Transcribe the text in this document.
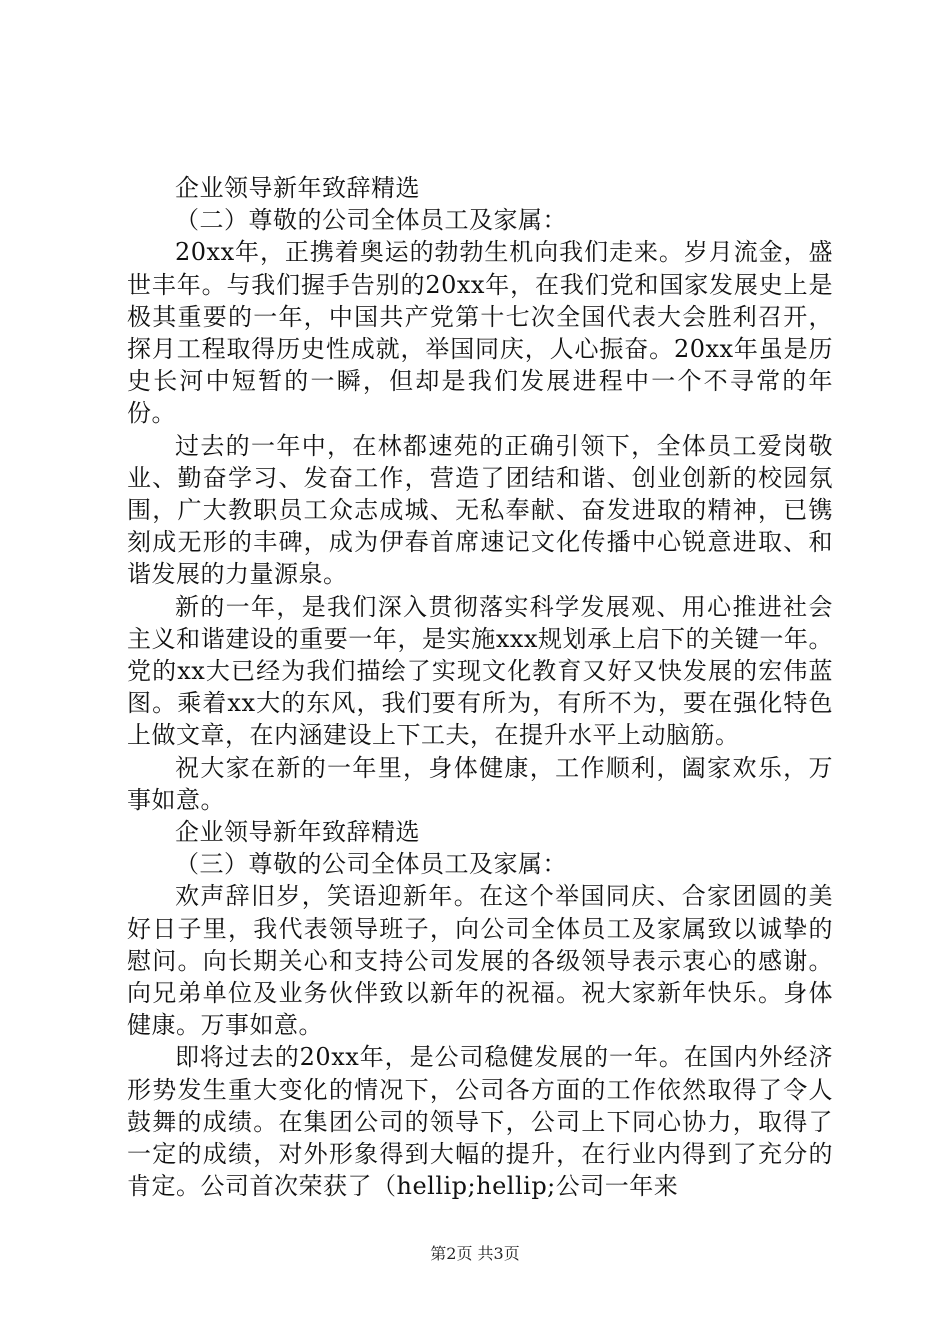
企业领导新年致辞精选

（二）尊敬的公司全体员工及家属：

20xx年，正携着奥运的勃勃生机向我们走来。岁月流金，盛世丰年。与我们握手告别的20xx年，在我们党和国家发展史上是极其重要的一年，中国共产党第十七次全国代表大会胜利召开，探月工程取得历史性成就，举国同庆，人心振奋。20xx年虽是历史长河中短暂的一瞬，但却是我们发展进程中一个不寻常的年份。

过去的一年中，在林都速苑的正确引领下，全体员工爱岗敬业、勤奋学习、发奋工作，营造了团结和谐、创业创新的校园氛围，广大教职员工众志成城、无私奉献、奋发进取的精神，已镌刻成无形的丰碑，成为伊春首席速记文化传播中心锐意进取、和谐发展的力量源泉。

新的一年，是我们深入贯彻落实科学发展观、用心推进社会主义和谐建设的重要一年，是实施xxx规划承上启下的关键一年。党的xx大已经为我们描绘了实现文化教育又好又快发展的宏伟蓝图。乘着xx大的东风，我们要有所为，有所不为，要在强化特色上做文章，在内涵建设上下工夫，在提升水平上动脑筋。

祝大家在新的一年里，身体健康，工作顺利，阖家欢乐，万事如意。

企业领导新年致辞精选

（三）尊敬的公司全体员工及家属：

欢声辞旧岁，笑语迎新年。在这个举国同庆、合家团圆的美好日子里，我代表领导班子，向公司全体员工及家属致以诚挚的慰问。向长期关心和支持公司发展的各级领导表示衷心的感谢。向兄弟单位及业务伙伴致以新年的祝福。祝大家新年快乐。身体健康。万事如意。

即将过去的20xx年，是公司稳健发展的一年。在国内外经济形势发生重大变化的情况下，公司各方面的工作依然取得了令人鼓舞的成绩。在集团公司的领导下，公司上下同心协力，取得了一定的成绩，对外形象得到大幅的提升，在行业内得到了充分的肯定。公司首次荣获了（hellip;hellip;公司一年来

第2页 共3页
